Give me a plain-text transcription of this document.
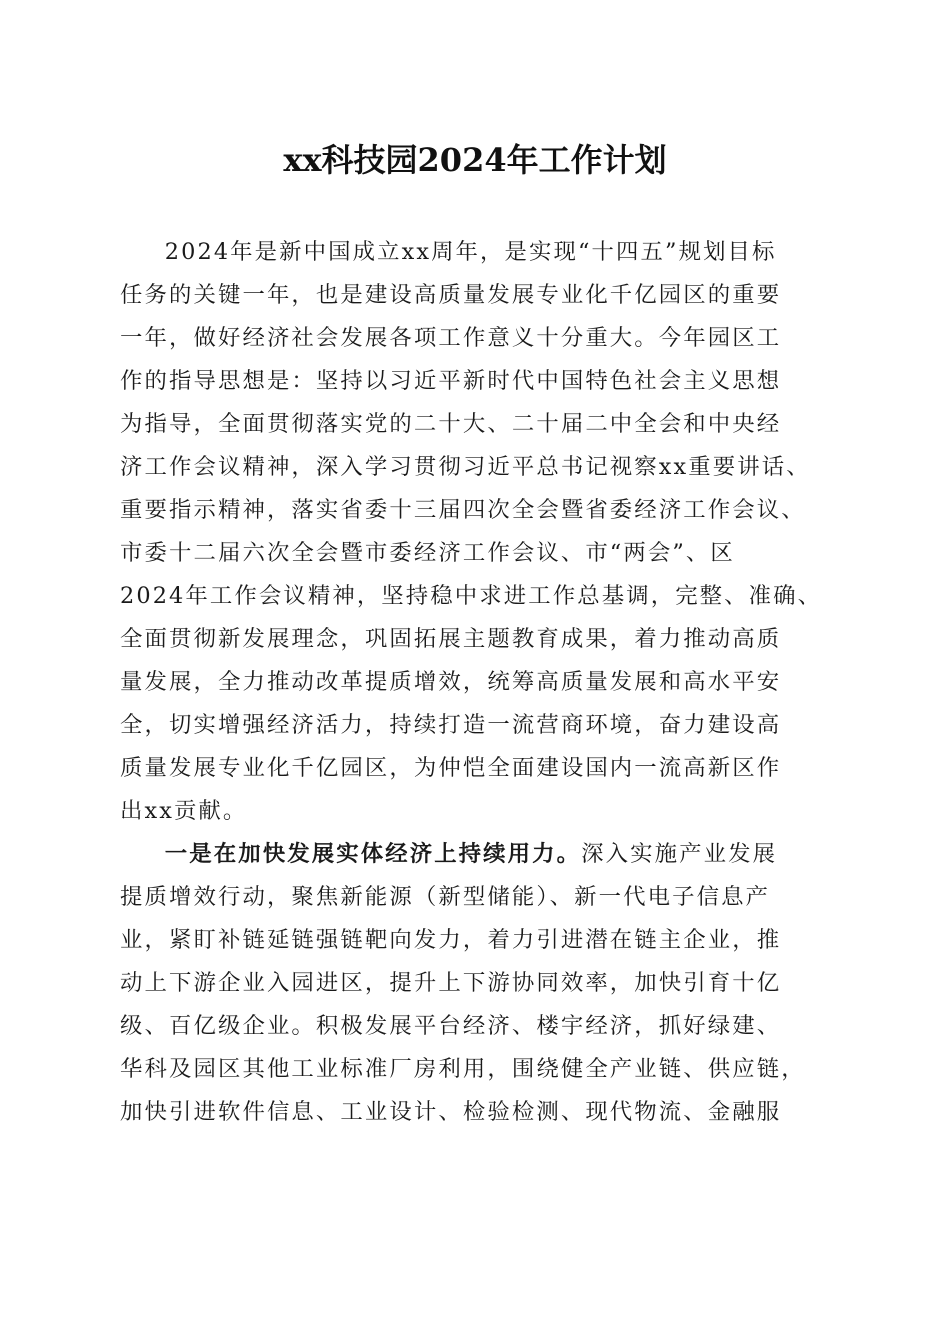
xx科技园2024年工作计划

2024年是新中国成立xx周年，是实现“十四五”规划目标
任务的关键一年，也是建设高质量发展专业化千亿园区的重要
一年，做好经济社会发展各项工作意义十分重大。今年园区工
作的指导思想是：坚持以习近平新时代中国特色社会主义思想
为指导，全面贯彻落实党的二十大、二十届二中全会和中央经
济工作会议精神，深入学习贯彻习近平总书记视察xx重要讲话、
重要指示精神，落实省委十三届四次全会暨省委经济工作会议、
市委十二届六次全会暨市委经济工作会议、市“两会”、区
2024年工作会议精神，坚持稳中求进工作总基调，完整、准确、
全面贯彻新发展理念，巩固拓展主题教育成果，着力推动高质
量发展，全力推动改革提质增效，统筹高质量发展和高水平安
全，切实增强经济活力，持续打造一流营商环境，奋力建设高
质量发展专业化千亿园区，为仲恺全面建设国内一流高新区作
出xx贡献。

一是在加快发展实体经济上持续用力。深入实施产业发展
提质增效行动，聚焦新能源（新型储能）、新一代电子信息产
业，紧盯补链延链强链靶向发力，着力引进潜在链主企业，推
动上下游企业入园进区，提升上下游协同效率，加快引育十亿
级、百亿级企业。积极发展平台经济、楼宇经济，抓好绿建、
华科及园区其他工业标准厂房利用，围绕健全产业链、供应链，
加快引进软件信息、工业设计、检验检测、现代物流、金融服
